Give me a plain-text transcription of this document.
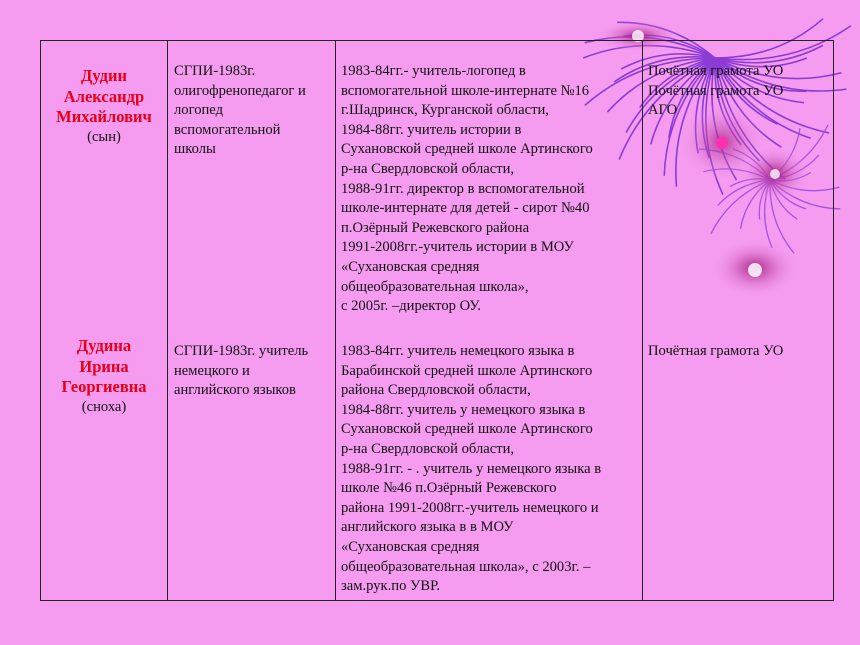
Дудин
Александр
Михайлович
(сын)
СГПИ-1983г.
олигофренопедагог и
логопед
вспомогательной
школы
1983-84гг.- учитель-логопед в
вспомогательной школе-интернате №16
г.Шадринск, Курганской области,
1984-88гг. учитель истории в
Сухановской средней школе Артинского
р-на Свердловской области,
1988-91гг. директор в вспомогательной
школе-интернате для детей - сирот №40
п.Озёрный Режевского района
1991-2008гг.-учитель истории в МОУ
«Сухановская средняя
общеобразовательная школа»,
с 2005г. –директор ОУ.
Почётная грамота УО
Почётная грамота УО
АГО
Дудина
Ирина
Георгиевна
(сноха)
СГПИ-1983г. учитель
немецкого и
английского языков
1983-84гг. учитель немецкого языка в
Барабинской средней школе Артинского
района Свердловской области,
1984-88гг. учитель у немецкого языка в
Сухановской средней школе Артинского
р-на Свердловской области,
1988-91гг. - . учитель у немецкого языка в
школе №46 п.Озёрный Режевского
района 1991-2008гг.-учитель немецкого и
английского языка в в МОУ
«Сухановская средняя
общеобразовательная школа», с 2003г. –
зам.рук.по УВР.
Почётная грамота УО
